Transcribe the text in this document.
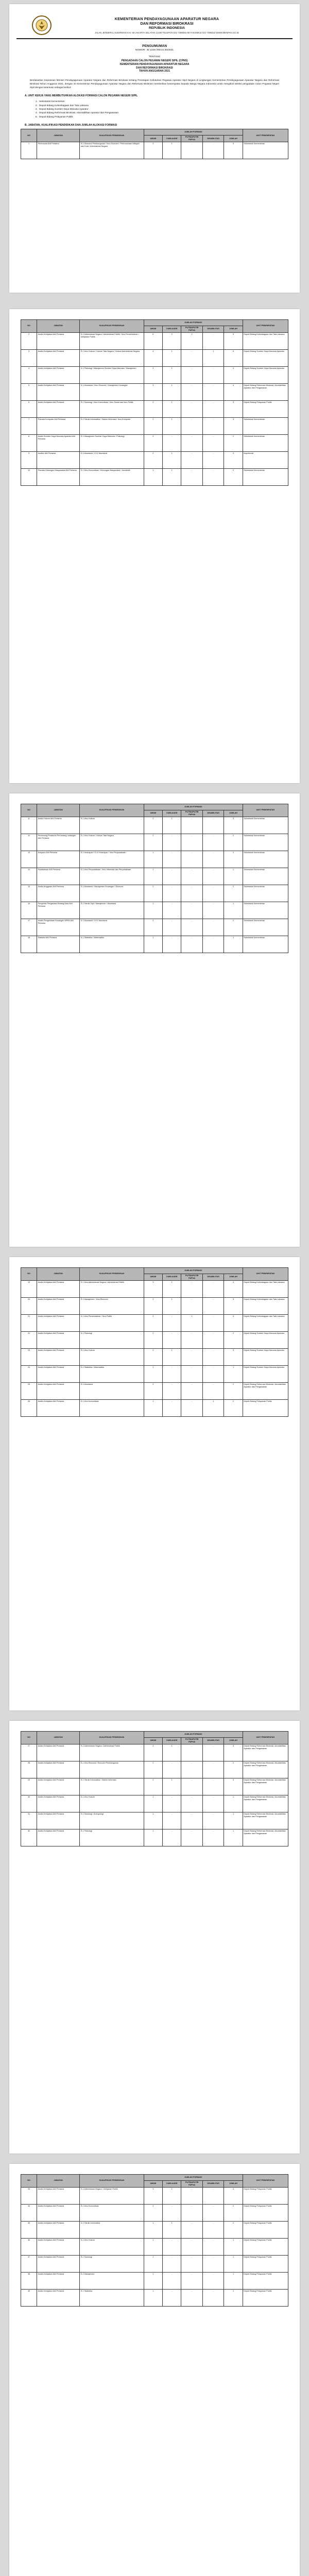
KEMENTERIAN PENDAYAGUNAAN APARATUR NEGARA
DAN REFORMASI BIROKRASI
REPUBLIK INDONESIA
JALAN JENDERAL SUDIRMAN KAV. 69 JAKARTA SELATAN 12190 TELEPON 021-7398381-89 FAKSIMILE 021-7398322 WWW.MENPAN.GO.ID
PENGUMUMAN
NOMOR : B/ 1228 /SM.01.00/2021
TENTANG
PENGADAAN CALON PEGAWAI NEGERI SIPIL (CPNS)
KEMENTERIAN PENDAYAGUNAAN APARATUR NEGARA
DAN REFORMASI BIROKRASI
TAHUN ANGGARAN 2021
Berdasarkan Keputusan Menteri Pendayagunaan Aparatur Negara dan Reformasi Birokrasi tentang Penetapan Kebutuhan Pegawai Aparatur Sipil Negara di Lingkungan Kementerian Pendayagunaan Aparatur Negara dan Reformasi Birokrasi Tahun Anggaran 2021, dengan ini Kementerian Pendayagunaan Aparatur Negara dan Reformasi Birokrasi memberikan kesempatan kepada Warga Negara Indonesia untuk mengikuti seleksi pengadaan Calon Pegawai Negeri Sipil dengan ketentuan sebagai berikut:
A. UNIT KERJA YANG MEMBUTUHKAN ALOKASI FORMASI CALON PEGAWAI NEGERI SIPIL
1. Sekretariat Kementerian
2. Deputi Bidang Kelembagaan dan Tata Laksana
3. Deputi Bidang Sumber Daya Manusia Aparatur
4. Deputi Bidang Reformasi Birokrasi, Akuntabilitas Aparatur dan Pengawasan
5. Deputi Bidang Pelayanan Publik
B. JABATAN, KUALIFIKASI PENDIDIKAN DAN JUMLAH ALOKASI FORMASI
NO	JABATAN	KUALIFIKASI PENDIDIKAN	JUMLAH FORMASI					UNIT PENEMPATAN
			UMUM	CUMLAUDE	PUTRA/PUTRI PAPUA	DISABILITAS	JUMLAH	
1	Perencana Ahli Pertama	S-1 Ekonomi Pembangunan / Ilmu Ekonomi / Perencanaan Wilayah dan Kota / Administrasi Negara	2	1	-	-	3	Sekretariat Kementerian
NO	JABATAN	KUALIFIKASI PENDIDIKAN	JUMLAH FORMASI					UNIT PENEMPATAN
			UMUM	CUMLAUDE	PUTRA/PUTRI PAPUA	DISABILITAS	JUMLAH	
2	Analis Kebijakan Ahli Pertama	S-1 Administrasi Negara / Administrasi Publik / Ilmu Pemerintahan / Kebijakan Publik	6	2	1	-	9	Deputi Bidang Kelembagaan dan Tata Laksana
3	Analis Kebijakan Ahli Pertama	S-1 Ilmu Hukum / Hukum Tata Negara / Hukum Administrasi Negara	4	1	-	1	6	Deputi Bidang Sumber Daya Manusia Aparatur
4	Analis Kebijakan Ahli Pertama	S-1 Psikologi / Manajemen Sumber Daya Manusia / Manajemen	3	1	-	-	4	Deputi Bidang Sumber Daya Manusia Aparatur
5	Analis Kebijakan Ahli Pertama	S-1 Akuntansi / Ilmu Ekonomi / Manajemen Keuangan	3	1	-	-	4	Deputi Bidang Reformasi Birokrasi, Akuntabilitas Aparatur dan Pengawasan
6	Analis Kebijakan Ahli Pertama	S-1 Sosiologi / Ilmu Komunikasi / Ilmu Sosial dan Ilmu Politik	2	1	-	-	3	Deputi Bidang Pelayanan Publik
7	Pranata Komputer Ahli Pertama	S-1 Teknik Informatika / Sistem Informasi / Ilmu Komputer	2	1	-	-	3	Sekretariat Kementerian
8	Analis Sumber Daya Manusia Aparatur Ahli Pertama	S-1 Manajemen Sumber Daya Manusia / Psikologi	2	-	-	-	2	Sekretariat Kementerian
9	Auditor Ahli Pertama	S-1 Akuntansi / D-IV Akuntansi	2	1	-	-	3	Inspektorat
10	Pranata Hubungan Masyarakat Ahli Pertama	S-1 Ilmu Komunikasi / Hubungan Masyarakat / Jurnalistik	1	1	-	-	2	Sekretariat Kementerian
NO	JABATAN	KUALIFIKASI PENDIDIKAN	JUMLAH FORMASI					UNIT PENEMPATAN
			UMUM	CUMLAUDE	PUTRA/PUTRI PAPUA	DISABILITAS	JUMLAH	
11	Analis Hukum Ahli Pertama	S-1 Ilmu Hukum	2	1	-	-	3	Sekretariat Kementerian
12	Perancang Peraturan Perundang-undangan Ahli Pertama	S-1 Ilmu Hukum / Hukum Tata Negara	2	-	-	-	2	Sekretariat Kementerian
13	Arsiparis Ahli Pertama	S-1 Kearsipan / D-IV Kearsipan / Ilmu Perpustakaan	1	-	-	-	1	Sekretariat Kementerian
14	Pustakawan Ahli Pertama	S-1 Ilmu Perpustakaan / Ilmu Informasi dan Perpustakaan	1	-	-	-	1	Sekretariat Kementerian
15	Analis Anggaran Ahli Pertama	S-1 Akuntansi / Manajemen Keuangan / Ekonomi	2	-	-	-	2	Sekretariat Kementerian
16	Pengelola Pengadaan Barang/Jasa Ahli Pertama	S-1 Teknik Sipil / Manajemen / Akuntansi	1	-	-	-	1	Sekretariat Kementerian
17	Analis Pengelolaan Keuangan APBN Ahli Pertama	S-1 Akuntansi / D-IV Akuntansi	2	-	-	-	2	Sekretariat Kementerian
18	Statistisi Ahli Pertama	S-1 Statistika / Matematika	1	-	-	-	1	Sekretariat Kementerian
NO	JABATAN	KUALIFIKASI PENDIDIKAN	JUMLAH FORMASI					UNIT PENEMPATAN
			UMUM	CUMLAUDE	PUTRA/PUTRI PAPUA	DISABILITAS	JUMLAH	
19	Analis Kebijakan Ahli Pertama	S-1 Ilmu Administrasi Negara / Administrasi Publik	3	1	-	-	4	Deputi Bidang Kelembagaan dan Tata Laksana
20	Analis Kebijakan Ahli Pertama	S-1 Manajemen / Ilmu Ekonomi	2	1	-	-	3	Deputi Bidang Kelembagaan dan Tata Laksana
21	Analis Kebijakan Ahli Pertama	S-1 Ilmu Pemerintahan / Ilmu Politik	2	-	1	-	3	Deputi Bidang Kelembagaan dan Tata Laksana
22	Analis Kebijakan Ahli Pertama	S-1 Psikologi	2	-	-	-	2	Deputi Bidang Sumber Daya Manusia Aparatur
23	Analis Kebijakan Ahli Pertama	S-1 Ilmu Hukum	2	1	-	-	3	Deputi Bidang Sumber Daya Manusia Aparatur
24	Analis Kebijakan Ahli Pertama	S-1 Statistika / Matematika	1	-	-	-	1	Deputi Bidang Sumber Daya Manusia Aparatur
25	Analis Kebijakan Ahli Pertama	S-1 Akuntansi	2	-	-	-	2	Deputi Bidang Reformasi Birokrasi, Akuntabilitas Aparatur dan Pengawasan
26	Analis Kebijakan Ahli Pertama	S-1 Ilmu Komunikasi	1	-	-	1	2	Deputi Bidang Pelayanan Publik
NO	JABATAN	KUALIFIKASI PENDIDIKAN	JUMLAH FORMASI					UNIT PENEMPATAN
			UMUM	CUMLAUDE	PUTRA/PUTRI PAPUA	DISABILITAS	JUMLAH	
27	Analis Kebijakan Ahli Pertama	S-1 Administrasi Negara / Administrasi Publik	3	1	-	-	4	Deputi Bidang Reformasi Birokrasi, Akuntabilitas Aparatur dan Pengawasan
28	Analis Kebijakan Ahli Pertama	S-1 Ilmu Ekonomi / Ekonomi Pembangunan	2	-	-	-	2	Deputi Bidang Reformasi Birokrasi, Akuntabilitas Aparatur dan Pengawasan
29	Analis Kebijakan Ahli Pertama	S-1 Teknik Informatika / Sistem Informasi	2	1	-	-	3	Deputi Bidang Reformasi Birokrasi, Akuntabilitas Aparatur dan Pengawasan
30	Analis Kebijakan Ahli Pertama	S-1 Ilmu Hukum	1	-	-	-	1	Deputi Bidang Reformasi Birokrasi, Akuntabilitas Aparatur dan Pengawasan
31	Analis Kebijakan Ahli Pertama	S-1 Sosiologi / Antropologi	1	-	-	-	1	Deputi Bidang Reformasi Birokrasi, Akuntabilitas Aparatur dan Pengawasan
32	Analis Kebijakan Ahli Pertama	S-1 Psikologi	1	-	-	-	1	Deputi Bidang Reformasi Birokrasi, Akuntabilitas Aparatur dan Pengawasan
NO	JABATAN	KUALIFIKASI PENDIDIKAN	JUMLAH FORMASI					UNIT PENEMPATAN
			UMUM	CUMLAUDE	PUTRA/PUTRI PAPUA	DISABILITAS	JUMLAH	
33	Analis Kebijakan Ahli Pertama	S-1 Administrasi Negara / Kebijakan Publik	3	1	-	-	4	Deputi Bidang Pelayanan Publik
34	Analis Kebijakan Ahli Pertama	S-1 Ilmu Komunikasi	2	-	-	-	2	Deputi Bidang Pelayanan Publik
35	Analis Kebijakan Ahli Pertama	S-1 Teknik Informatika	1	1	-	-	2	Deputi Bidang Pelayanan Publik
36	Analis Kebijakan Ahli Pertama	S-1 Ilmu Hukum	1	-	-	-	1	Deputi Bidang Pelayanan Publik
37	Analis Kebijakan Ahli Pertama	S-1 Sosiologi	1	-	-	-	1	Deputi Bidang Pelayanan Publik
38	Analis Kebijakan Ahli Pertama	S-1 Manajemen	1	-	-	-	1	Deputi Bidang Pelayanan Publik
39	Analis Kebijakan Ahli Pertama	S-1 Statistika	1	-	-	-	1	Deputi Bidang Pelayanan Publik
